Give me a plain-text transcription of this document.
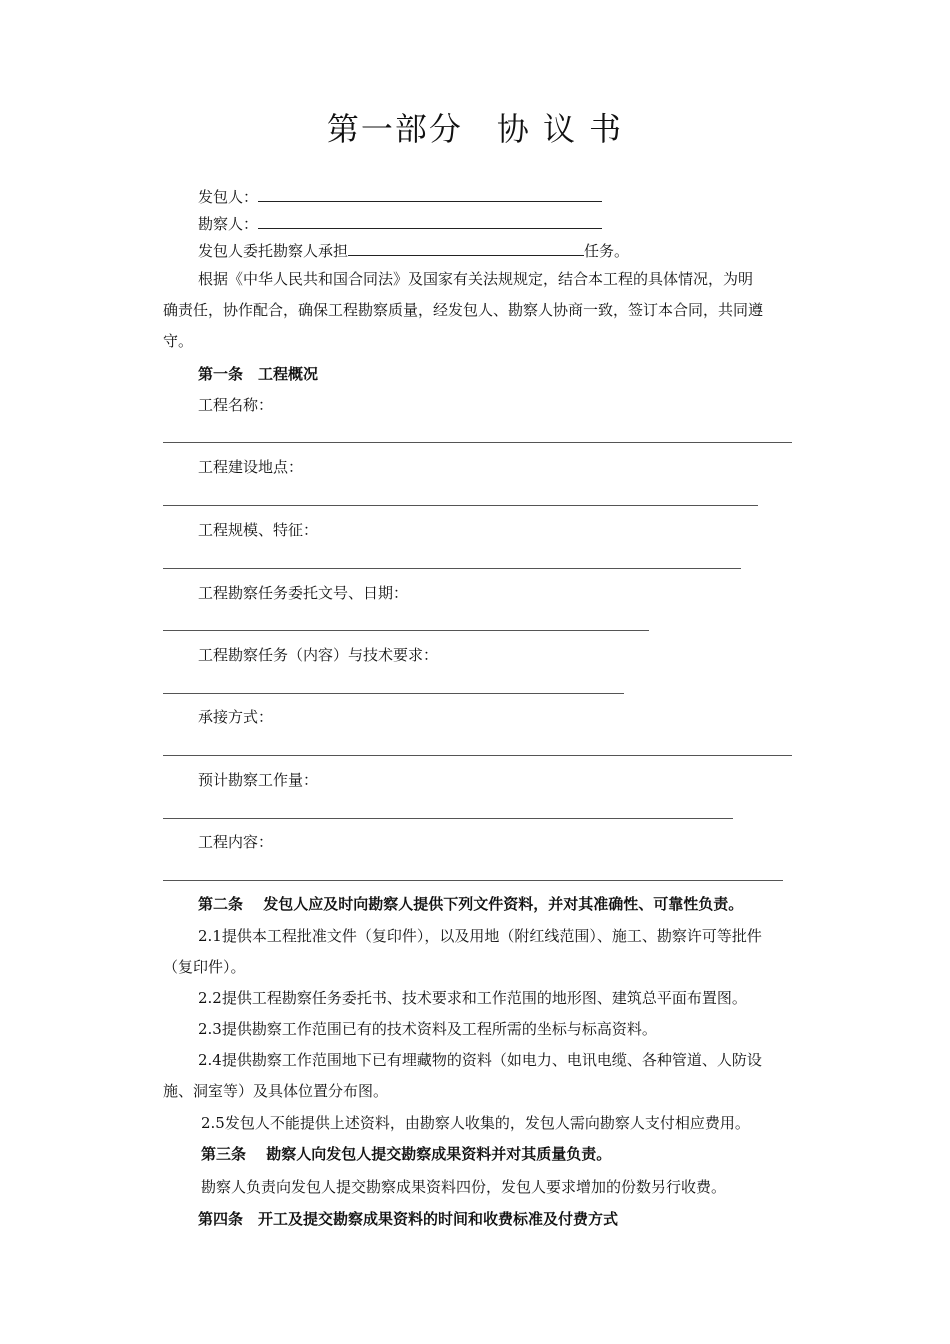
第一部分　协 议 书
发包人：
勘察人：
发包人委托勘察人承担	任务。
根据《中华人民共和国合同法》及国家有关法规规定，结合本工程的具体情况，为明
确责任，协作配合，确保工程勘察质量，经发包人、勘察人协商一致，签订本合同，共同遵
守。
第一条　工程概况
工程名称：
工程建设地点：
工程规模、特征：
工程勘察任务委托文号、日期：
工程勘察任务（内容）与技术要求：
承接方式：
预计勘察工作量：
工程内容：
第二条　 发包人应及时向勘察人提供下列文件资料，并对其准确性、可靠性负责。
2.1提供本工程批准文件（复印件），以及用地（附红线范围）、施工、勘察许可等批件
（复印件）。
2.2提供工程勘察任务委托书、技术要求和工作范围的地形图、建筑总平面布置图。
2.3提供勘察工作范围已有的技术资料及工程所需的坐标与标高资料。
2.4提供勘察工作范围地下已有埋藏物的资料（如电力、电讯电缆、各种管道、人防设
施、洞室等）及具体位置分布图。
2.5发包人不能提供上述资料，由勘察人收集的，发包人需向勘察人支付相应费用。
第三条　 勘察人向发包人提交勘察成果资料并对其质量负责。
勘察人负责向发包人提交勘察成果资料四份，发包人要求增加的份数另行收费。
第四条　开工及提交勘察成果资料的时间和收费标准及付费方式
